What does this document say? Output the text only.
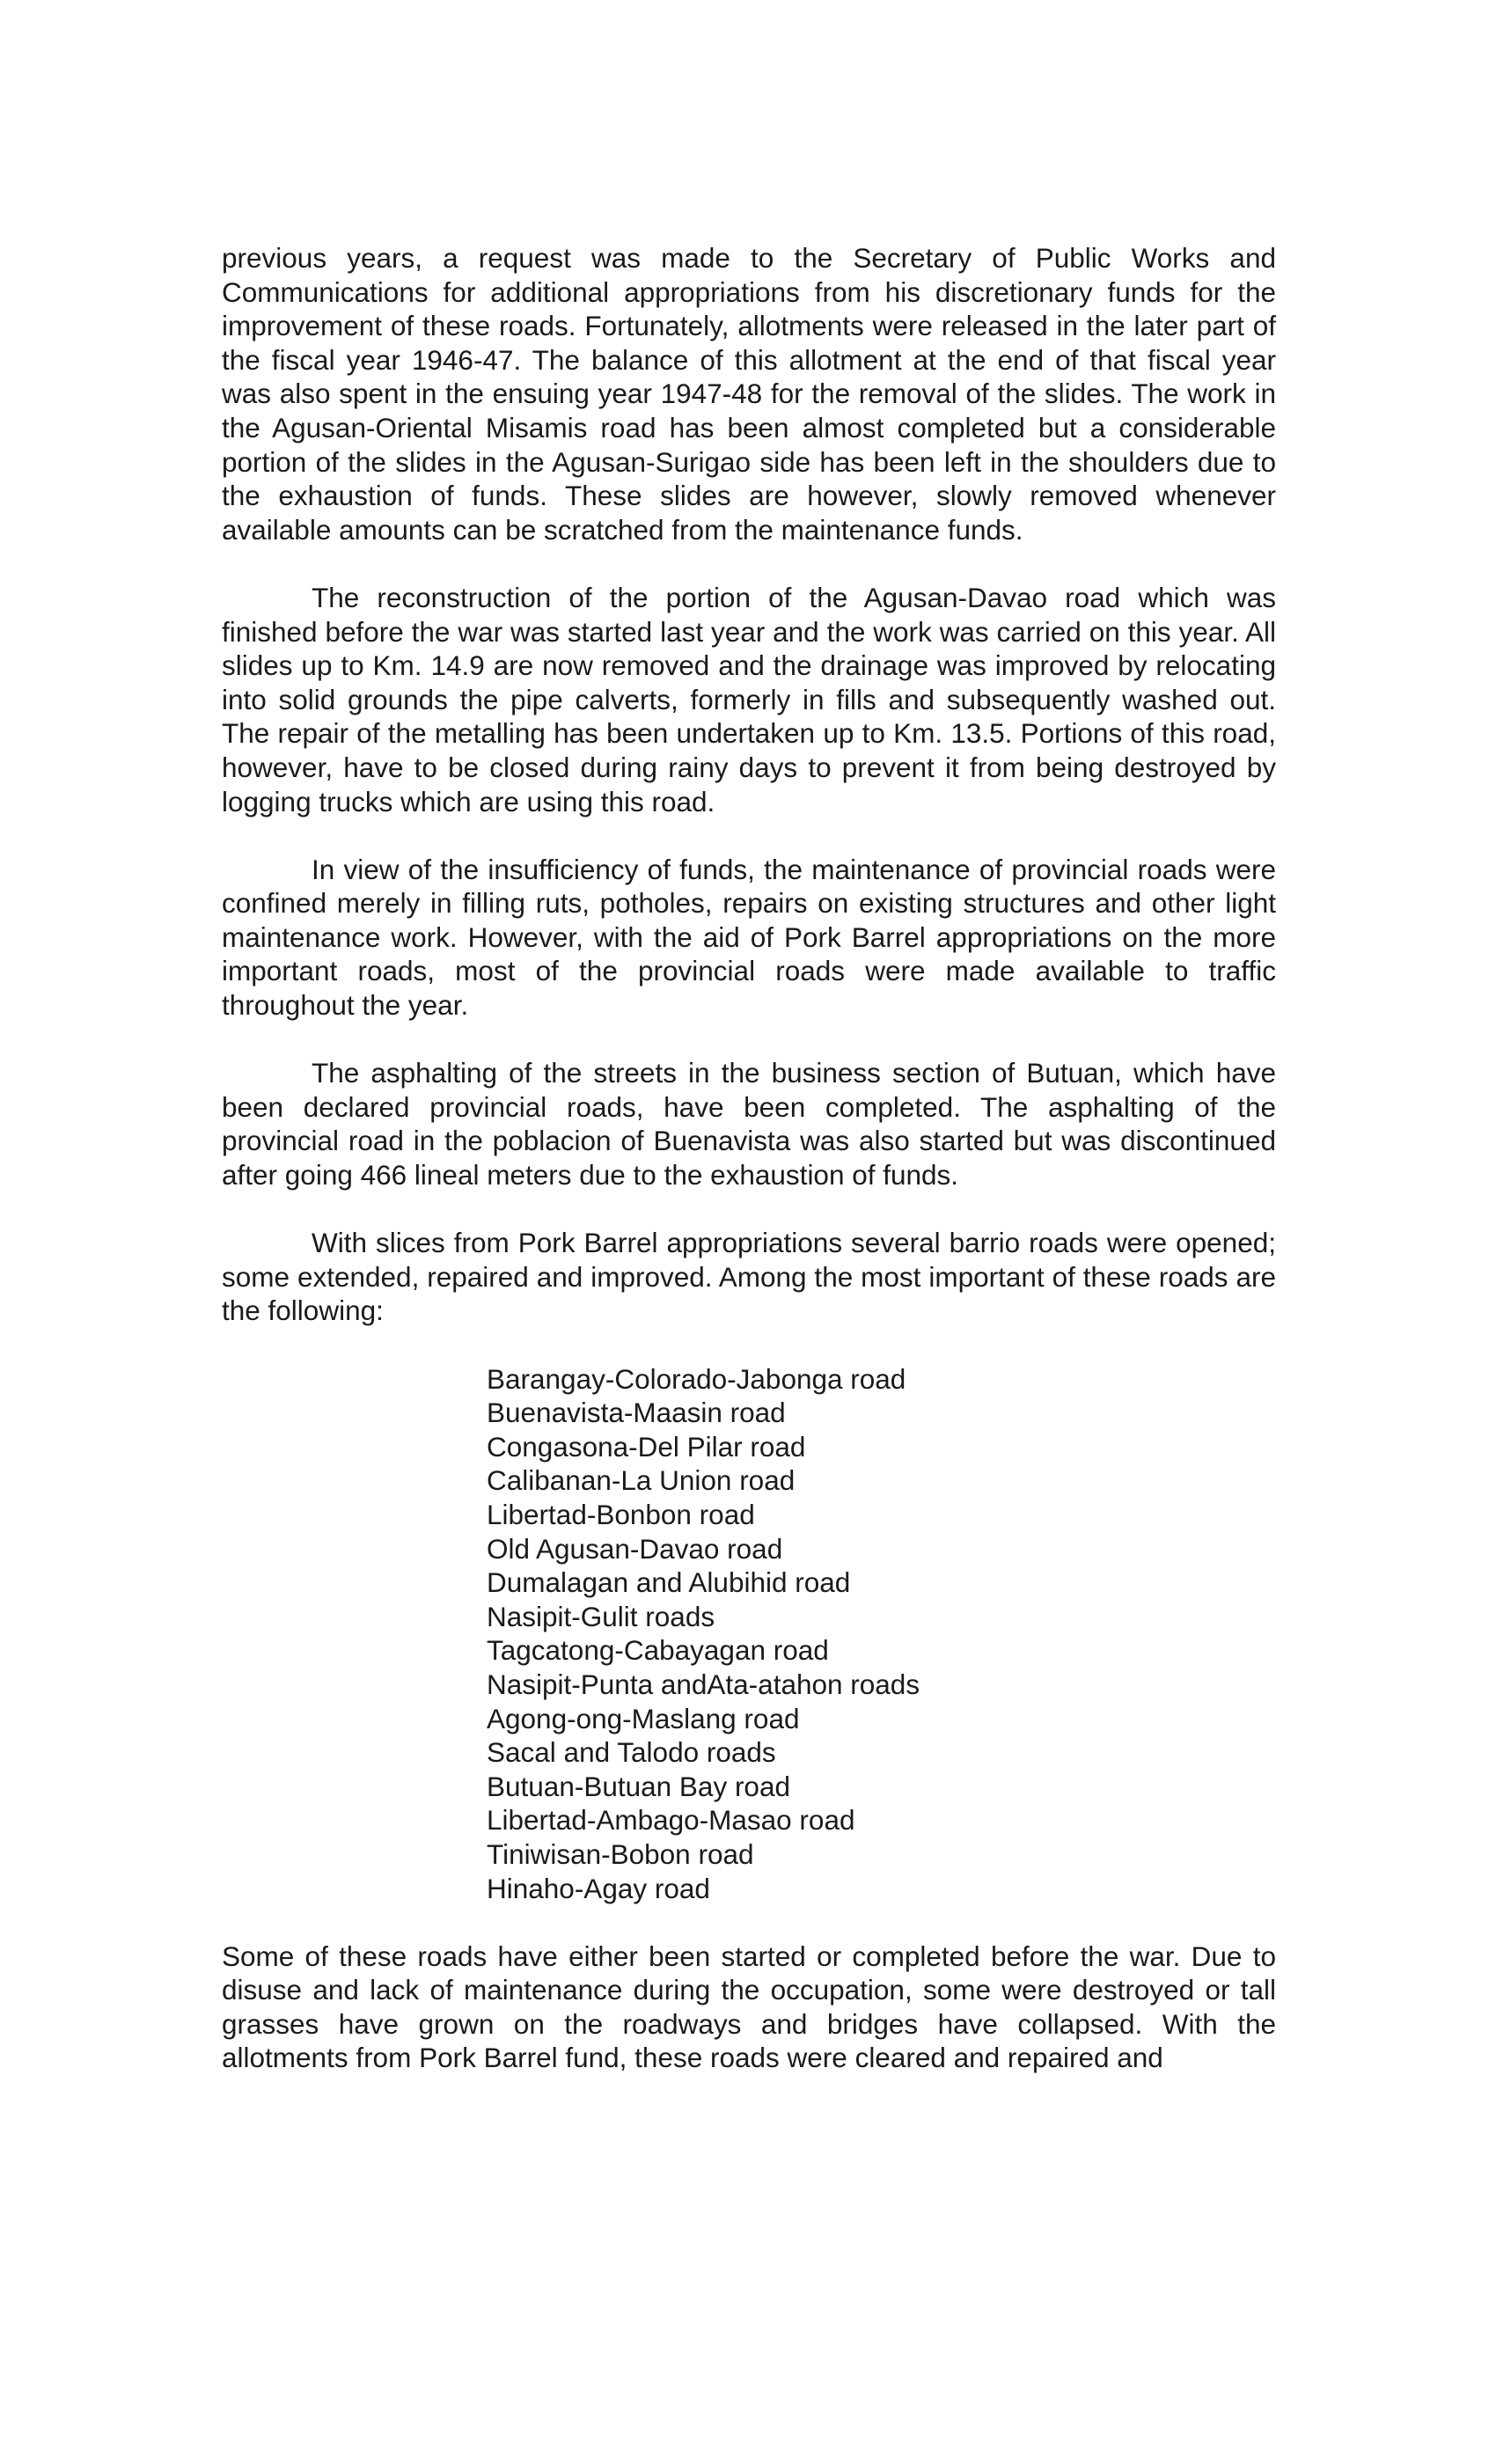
previous years, a request was made to the Secretary of Public Works and Communications for additional appropriations from his discretionary funds for the improvement of these roads. Fortunately, allotments were released in the later part of the fiscal year 1946-47. The balance of this allotment at the end of that fiscal year was also spent in the ensuing year 1947-48 for the removal of the slides. The work in the Agusan-Oriental Misamis road has been almost completed but a considerable portion of the slides in the Agusan-Surigao side has been left in the shoulders due to the exhaustion of funds. These slides are however, slowly removed whenever available amounts can be scratched from the maintenance funds.

The reconstruction of the portion of the Agusan-Davao road which was finished before the war was started last year and the work was carried on this year. All slides up to Km. 14.9 are now removed and the drainage was improved by relocating into solid grounds the pipe calverts, formerly in fills and subsequently washed out. The repair of the metalling has been undertaken up to Km. 13.5. Portions of this road, however, have to be closed during rainy days to prevent it from being destroyed by logging trucks which are using this road.

In view of the insufficiency of funds, the maintenance of provincial roads were confined merely in filling ruts, potholes, repairs on existing structures and other light maintenance work. However, with the aid of Pork Barrel appropriations on the more important roads, most of the provincial roads were made available to traffic throughout the year.

The asphalting of the streets in the business section of Butuan, which have been declared provincial roads, have been completed. The asphalting of the provincial road in the poblacion of Buenavista was also started but was discontinued after going 466 lineal meters due to the exhaustion of funds.

With slices from Pork Barrel appropriations several barrio roads were opened; some extended, repaired and improved. Among the most important of these roads are the following:

Barangay-Colorado-Jabonga road
Buenavista-Maasin road
Congasona-Del Pilar road
Calibanan-La Union road
Libertad-Bonbon road
Old Agusan-Davao road
Dumalagan and Alubihid road
Nasipit-Gulit roads
Tagcatong-Cabayagan road
Nasipit-Punta andAta-atahon roads
Agong-ong-Maslang road
Sacal and Talodo roads
Butuan-Butuan Bay road
Libertad-Ambago-Masao road
Tiniwisan-Bobon road
Hinaho-Agay road

Some of these roads have either been started or completed before the war. Due to disuse and lack of maintenance during the occupation, some were destroyed or tall grasses have grown on the roadways and bridges have collapsed. With the allotments from Pork Barrel fund, these roads were cleared and repaired and
